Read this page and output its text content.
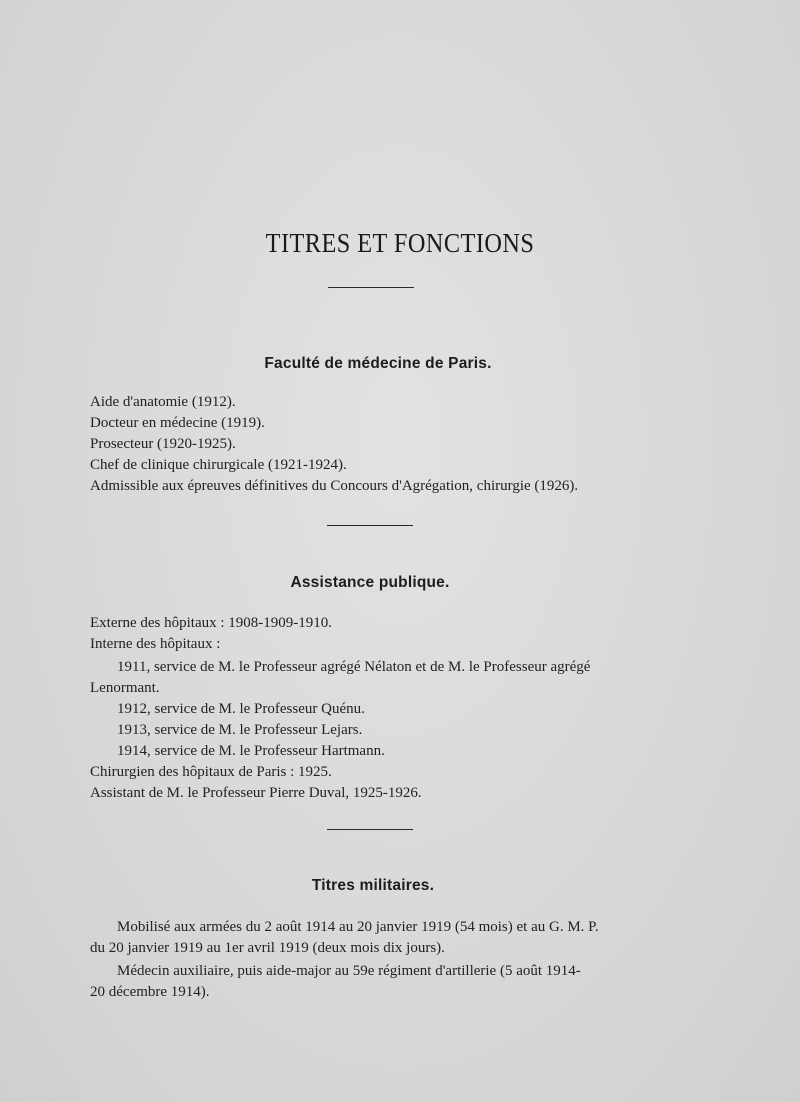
TITRES ET FONCTIONS
Faculté de médecine de Paris.
Aide d'anatomie (1912).
Docteur en médecine (1919).
Prosecteur (1920-1925).
Chef de clinique chirurgicale (1921-1924).
Admissible aux épreuves définitives du Concours d'Agrégation, chirurgie (1926).
Assistance publique.
Externe des hôpitaux : 1908-1909-1910.
Interne des hôpitaux :
1911, service de M. le Professeur agrégé Nélaton et de M. le Professeur agrégé
Lenormant.
1912, service de M. le Professeur Quénu.
1913, service de M. le Professeur Lejars.
1914, service de M. le Professeur Hartmann.
Chirurgien des hôpitaux de Paris : 1925.
Assistant de M. le Professeur Pierre Duval, 1925-1926.
Titres militaires.
Mobilisé aux armées du 2 août 1914 au 20 janvier 1919 (54 mois) et au G. M. P.
du 20 janvier 1919 au 1er avril 1919 (deux mois dix jours).
Médecin auxiliaire, puis aide-major au 59e régiment d'artillerie (5 août 1914-
20 décembre 1914).
